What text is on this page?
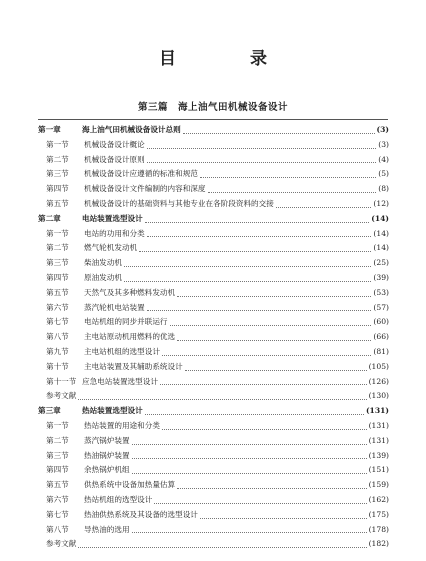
目 录
第三篇　海上油气田机械设备设计
第一章	海上油气田机械设备设计总则	(3)
第一节	机械设备设计概论	(3)
第二节	机械设备设计原则	(4)
第三节	机械设备设计应遵循的标准和规范	(5)
第四节	机械设备设计文件编制的内容和深度	(8)
第五节	机械设备设计的基础资料与其他专业在各阶段资料的交接	(12)
第二章	电站装置选型设计	(14)
第一节	电站的功用和分类	(14)
第二节	燃气轮机发动机	(14)
第三节	柴油发动机	(25)
第四节	原油发动机	(39)
第五节	天然气及其多种燃料发动机	(53)
第六节	蒸汽轮机电站装置	(57)
第七节	电站机组的同步并联运行	(60)
第八节	主电站原动机用燃料的优选	(66)
第九节	主电站机组的选型设计	(81)
第十节	主电站装置及其辅助系统设计	(105)
第十一节 应急电站装置选型设计	(126)
参考文献	(130)
第三章	热站装置选型设计	(131)
第一节	热站装置的用途和分类	(131)
第二节	蒸汽锅炉装置	(131)
第三节	热油锅炉装置	(139)
第四节	余热锅炉机组	(151)
第五节	供热系统中设备加热量估算	(159)
第六节	热站机组的选型设计	(162)
第七节	热油供热系统及其设备的选型设计	(175)
第八节	导热油的选用	(178)
参考文献	(182)
